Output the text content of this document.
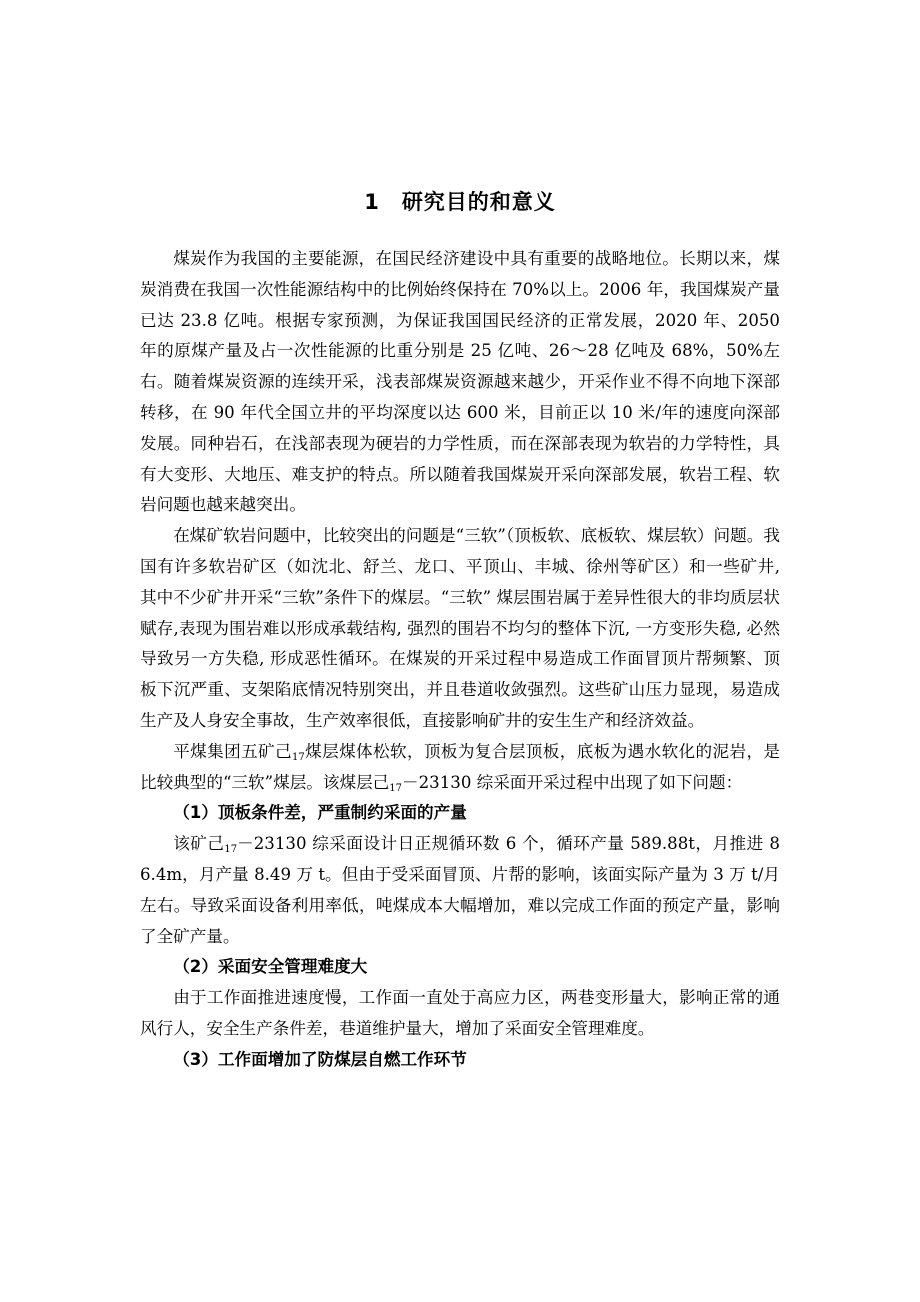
1 研究目的和意义

煤炭作为我国的主要能源，在国民经济建设中具有重要的战略地位。长期以来，煤炭消费在我国一次性能源结构中的比例始终保持在 70%以上。2006 年，我国煤炭产量已达 23.8 亿吨。根据专家预测，为保证我国国民经济的正常发展，2020 年、2050 年的原煤产量及占一次性能源的比重分别是 25 亿吨、26～28 亿吨及 68%，50%左右。随着煤炭资源的连续开采，浅表部煤炭资源越来越少，开采作业不得不向地下深部转移，在 90 年代全国立井的平均深度以达 600 米，目前正以 10 米/年的速度向深部发展。同种岩石，在浅部表现为硬岩的力学性质，而在深部表现为软岩的力学特性，具有大变形、大地压、难支护的特点。所以随着我国煤炭开采向深部发展，软岩工程、软岩问题也越来越突出。

在煤矿软岩问题中，比较突出的问题是“三软”（顶板软、底板软、煤层软）问题。我国有许多软岩矿区（如沈北、舒兰、龙口、平顶山、丰城、徐州等矿区）和一些矿井, 其中不少矿井开采“三软”条件下的煤层。“三软” 煤层围岩属于差异性很大的非均质层状赋存,表现为围岩难以形成承载结构, 强烈的围岩不均匀的整体下沉, 一方变形失稳, 必然导致另一方失稳, 形成恶性循环。在煤炭的开采过程中易造成工作面冒顶片帮频繁、顶板下沉严重、支架陷底情况特别突出，并且巷道收敛强烈。这些矿山压力显现，易造成生产及人身安全事故，生产效率很低，直接影响矿井的安生生产和经济效益。

平煤集团五矿己$_{17}$煤层煤体松软，顶板为复合层顶板，底板为遇水软化的泥岩，是比较典型的“三软”煤层。该煤层己$_{17}$－23130 综采面开采过程中出现了如下问题：

（1）顶板条件差，严重制约采面的产量

该矿己$_{17}$－23130 综采面设计日正规循环数 6 个，循环产量 589.88t，月推进 86.4m，月产量 8.49 万 t。但由于受采面冒顶、片帮的影响，该面实际产量为 3 万 t/月左右。导致采面设备利用率低，吨煤成本大幅增加，难以完成工作面的预定产量，影响了全矿产量。

（2）采面安全管理难度大

由于工作面推进速度慢，工作面一直处于高应力区，两巷变形量大，影响正常的通风行人，安全生产条件差，巷道维护量大，增加了采面安全管理难度。

（3）工作面增加了防煤层自燃工作环节
